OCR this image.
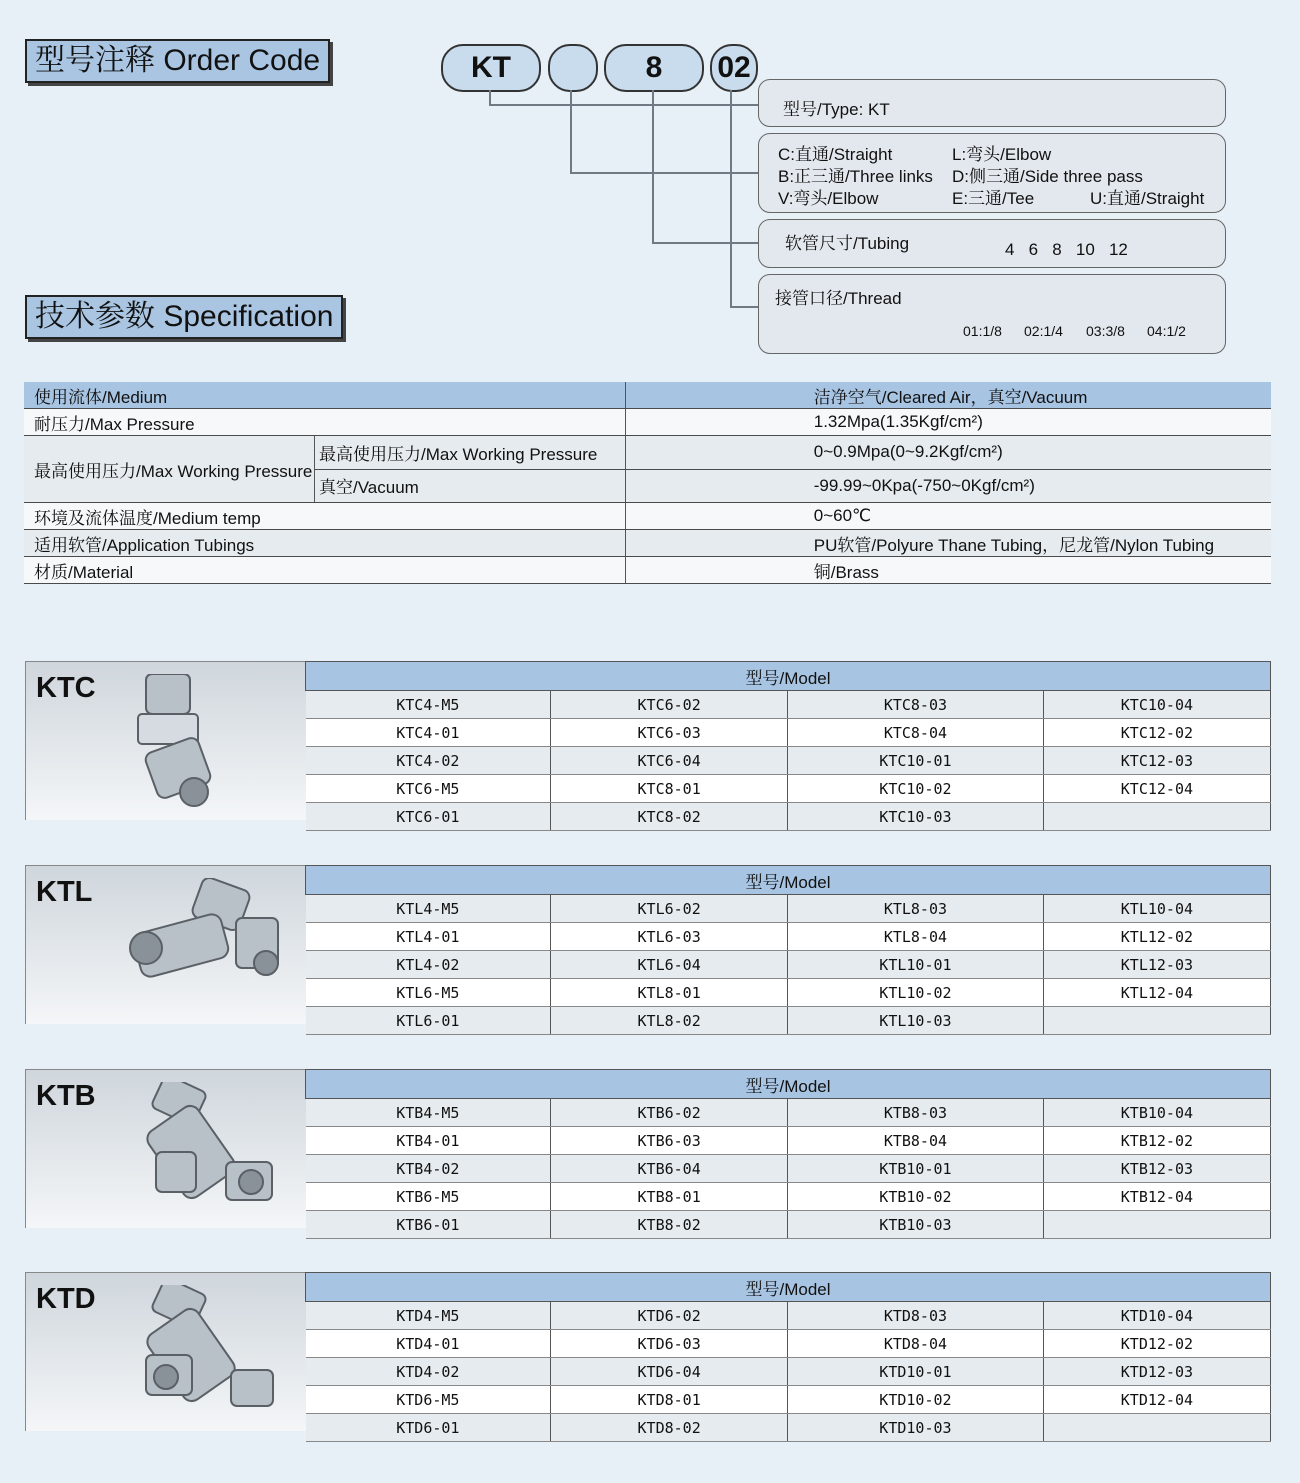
型号注释 Order Code	KT	8	02
型号/Type: KT
C:直通/Straight	L:弯头/Elbow
B:正三通/Three links D:侧三通/Side three pass
V:弯头/Elbow	E:三通/Tee	U:直通/Straight
软管尺寸/Tubing	4   6   8   10   12
接管口径/Thread
01:1/8 02:1/4 03:3/8 04:1/2
技术参数 Specification
使用流体/Medium		洁净空气/Cleared Air，真空/Vacuum
耐压力/Max Pressure		1.32Mpa(1.35Kgf/cm²)
最高使用压力/Max Working Pressure	最高使用压力/Max Working Pressure	0~0.9Mpa(0~9.2Kgf/cm²)
	真空/Vacuum	-99.99~0Kpa(-750~0Kgf/cm²)
环境及流体温度/Medium temp		0~60℃
适用软管/Application Tubings		PU软管/Polyure Thane Tubing，尼龙管/Nylon Tubing
材质/Material		铜/Brass
KTC	型号/Model			
KTC4-M5	KTC6-02	KTC8-03	KTC10-04
KTC4-01	KTC6-03	KTC8-04	KTC12-02
KTC4-02	KTC6-04	KTC10-01	KTC12-03
KTC6-M5	KTC8-01	KTC10-02	KTC12-04
KTC6-01	KTC8-02	KTC10-03	
KTL	型号/Model			
KTL4-M5	KTL6-02	KTL8-03	KTL10-04
KTL4-01	KTL6-03	KTL8-04	KTL12-02
KTL4-02	KTL6-04	KTL10-01	KTL12-03
KTL6-M5	KTL8-01	KTL10-02	KTL12-04
KTL6-01	KTL8-02	KTL10-03	
KTB	型号/Model			
KTB4-M5	KTB6-02	KTB8-03	KTB10-04
KTB4-01	KTB6-03	KTB8-04	KTB12-02
KTB4-02	KTB6-04	KTB10-01	KTB12-03
KTB6-M5	KTB8-01	KTB10-02	KTB12-04
KTB6-01	KTB8-02	KTB10-03	
KTD	型号/Model			
KTD4-M5	KTD6-02	KTD8-03	KTD10-04
KTD4-01	KTD6-03	KTD8-04	KTD12-02
KTD4-02	KTD6-04	KTD10-01	KTD12-03
KTD6-M5	KTD8-01	KTD10-02	KTD12-04
KTD6-01	KTD8-02	KTD10-03	
